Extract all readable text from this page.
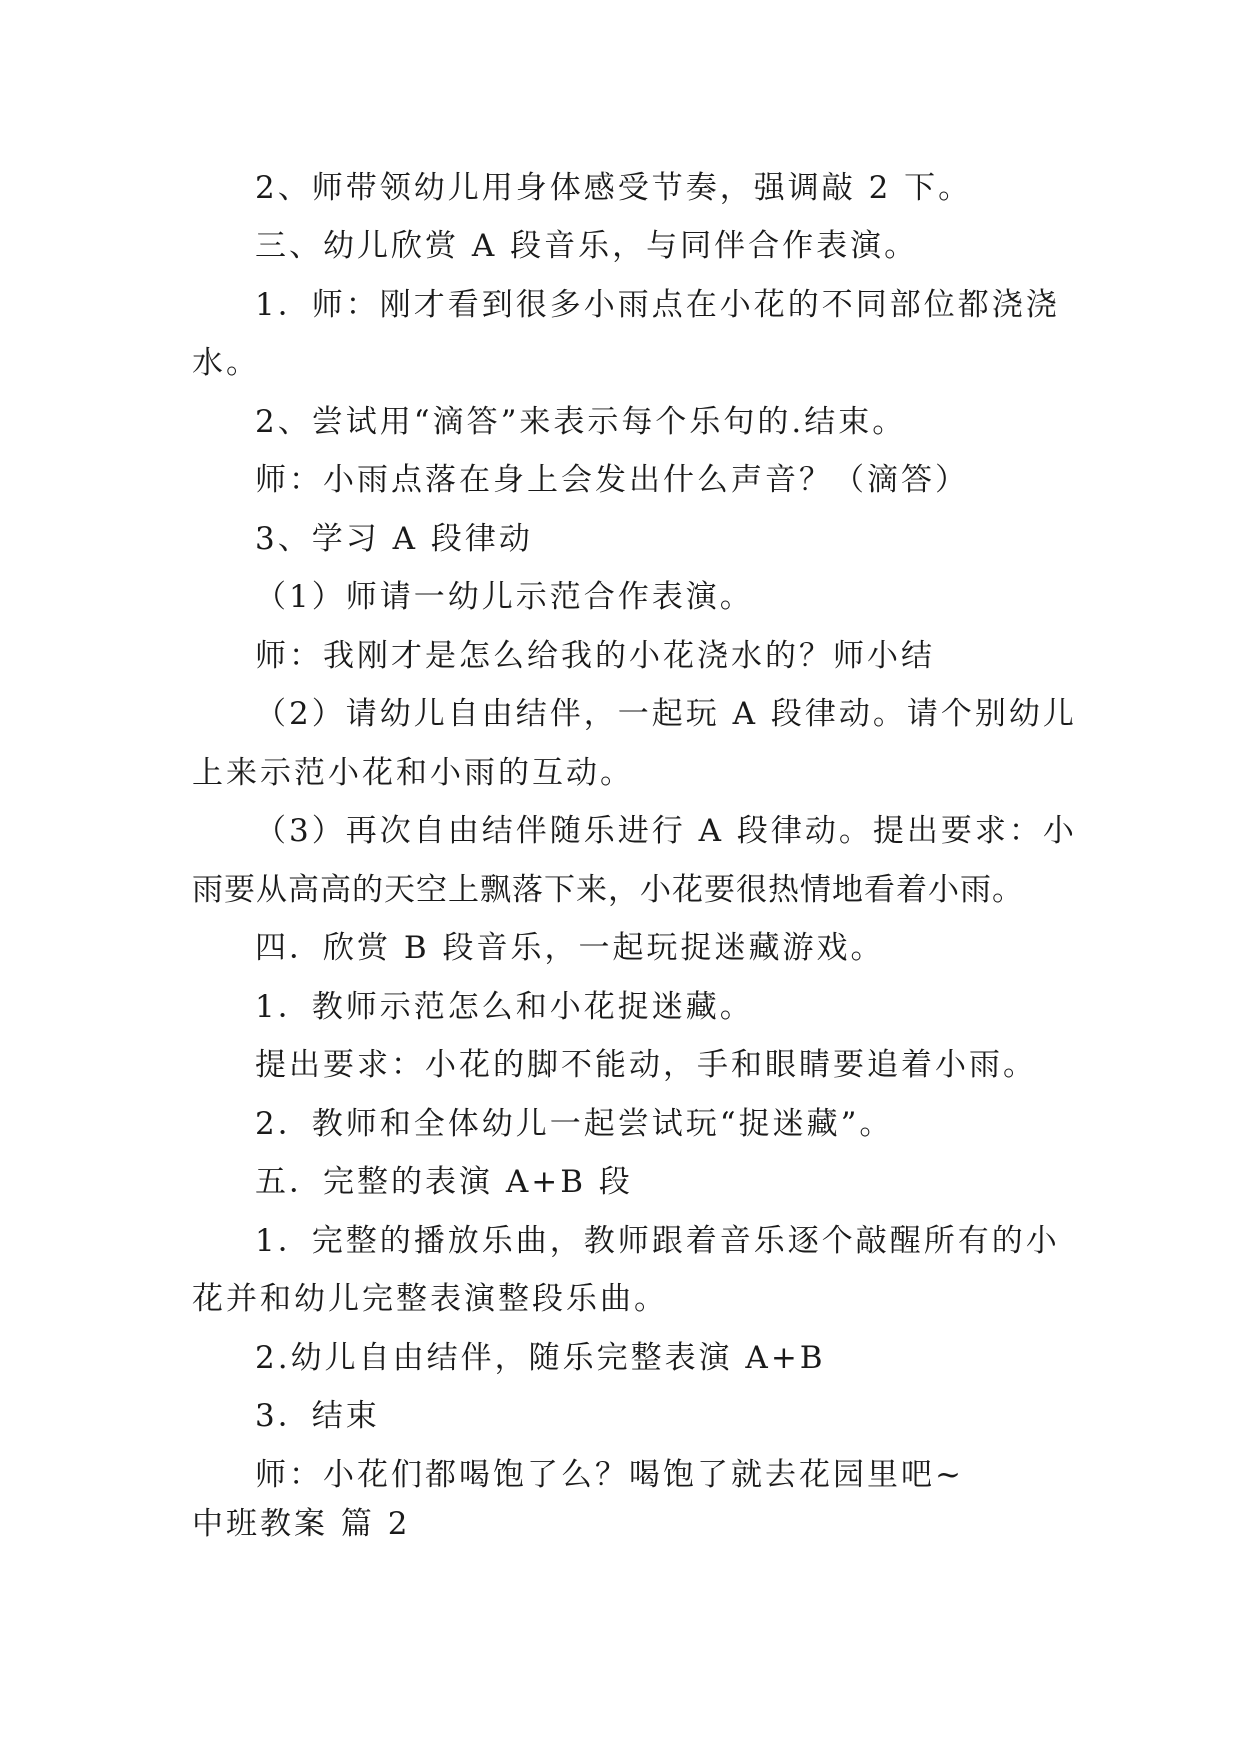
2、师带领幼儿用身体感受节奏，强调敲 2 下。
三、幼儿欣赏 A 段音乐，与同伴合作表演。
1．师：刚才看到很多小雨点在小花的不同部位都浇浇
水。
2、尝试用“滴答”来表示每个乐句的.结束。
师：小雨点落在身上会发出什么声音？（滴答）
3、学习 A 段律动
（1）师请一幼儿示范合作表演。
师：我刚才是怎么给我的小花浇水的？师小结
（2）请幼儿自由结伴，一起玩 A 段律动。请个别幼儿
上来示范小花和小雨的互动。
（3）再次自由结伴随乐进行 A 段律动。提出要求：小
雨要从高高的天空上飘落下来，小花要很热情地看着小雨。
四．欣赏 B 段音乐，一起玩捉迷藏游戏。
1．教师示范怎么和小花捉迷藏。
提出要求：小花的脚不能动，手和眼睛要追着小雨。
2．教师和全体幼儿一起尝试玩“捉迷藏”。
五．完整的表演 A+B 段
1．完整的播放乐曲，教师跟着音乐逐个敲醒所有的小
花并和幼儿完整表演整段乐曲。
2.幼儿自由结伴，随乐完整表演 A+B
3．结束
师：小花们都喝饱了么？喝饱了就去花园里吧~
中班教案 篇 2
